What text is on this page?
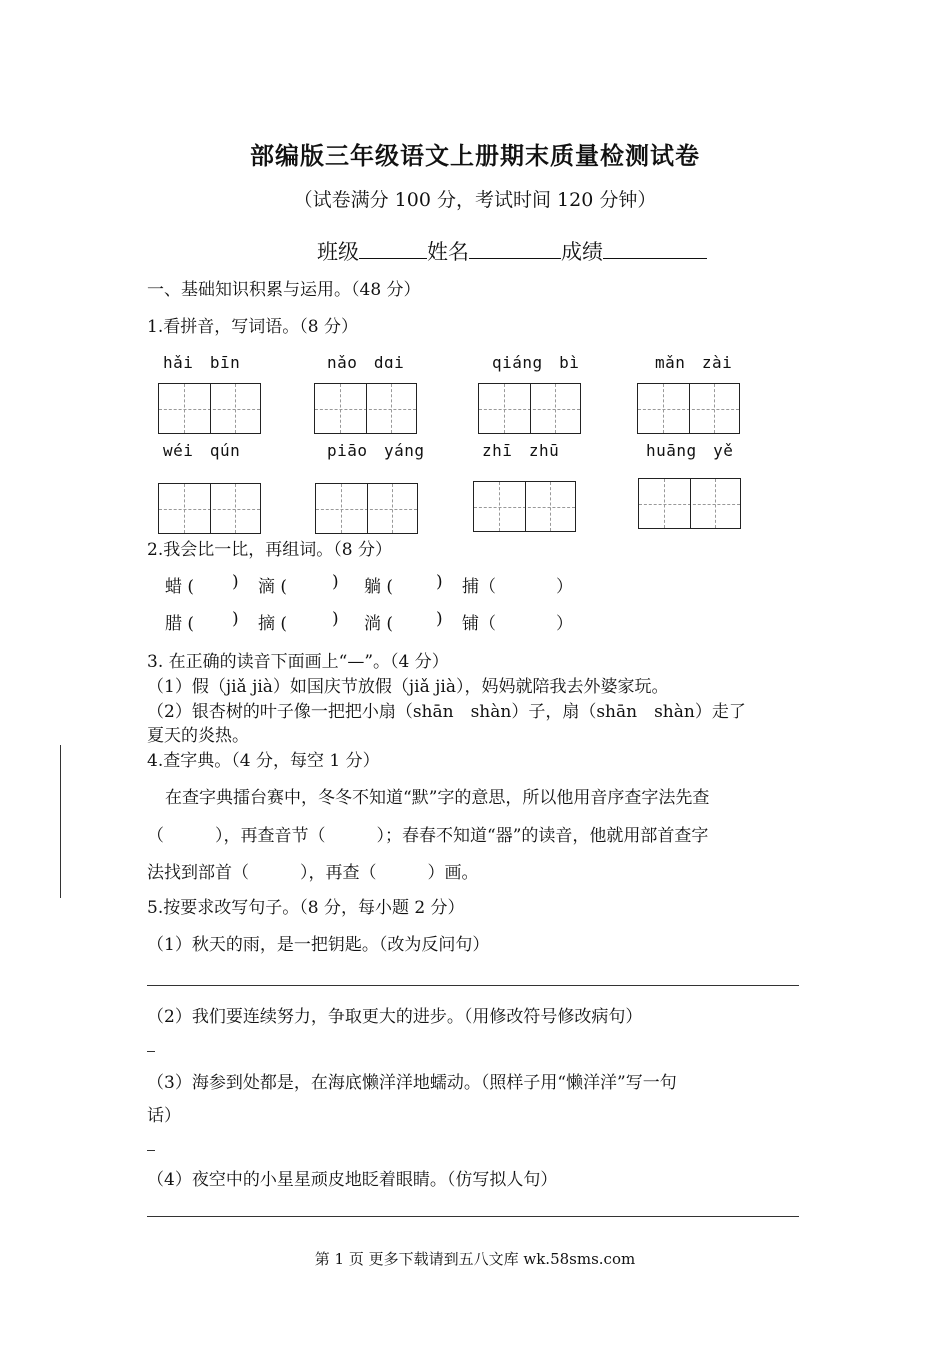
部编版三年级语文上册期末质量检测试卷
（试卷满分 100 分，考试时间 120 分钟）
班级	姓名	成绩
一、基础知识积累与运用。（48 分）
1.看拼音，写词语。（8 分）
hǎi　bīn	nǎo　dɑi	qiáng　bì	mǎn　zài
wéi　qún	piāo　yáng	zhī　zhū	huāng　yě
2.我会比一比，再组词。（8 分）
蜡 ( ) 滴 (	) 躺 (	) 捕（	）
腊 ( ) 摘 (	) 淌 (	) 铺（	）
3. 在正确的读音下面画上“—”。（4 分）
（1）假（jiǎ jià）如国庆节放假（jiǎ jià），妈妈就陪我去外婆家玩。
（2）银杏树的叶子像一把把小扇（shān　shàn）子，扇（shān　shàn）走了
夏天的炎热。
4.查字典。（4 分，每空 1 分）
在查字典擂台赛中，冬冬不知道“默”字的意思，所以他用音序查字法先查
（　　　），再查音节（　　　）；春春不知道“器”的读音，他就用部首查字
法找到部首（　　　），再查（　　　）画。
5.按要求改写句子。（8 分，每小题 2 分）
（1）秋天的雨，是一把钥匙。（改为反问句）
（2）我们要连续努力，争取更大的进步。（用修改符号修改病句）
（3）海参到处都是，在海底懒洋洋地蠕动。（照样子用“懒洋洋”写一句
话）
（4）夜空中的小星星顽皮地眨着眼睛。（仿写拟人句）
第 1 页 更多下载请到五八文库 wk.58sms.com
